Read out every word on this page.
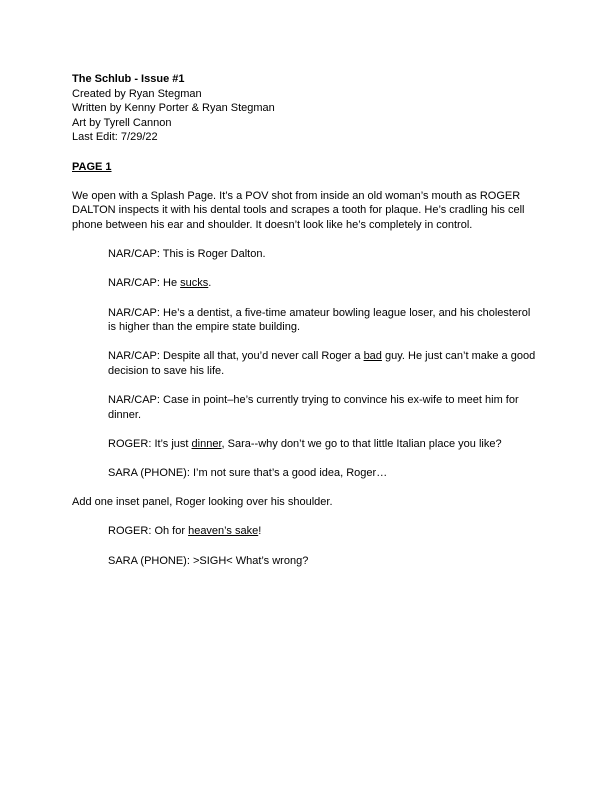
The Schlub - Issue #1

Created by Ryan Stegman

Written by Kenny Porter & Ryan Stegman

Art by Tyrell Cannon

Last Edit: 7/29/22

PAGE 1

We open with a Splash Page. It’s a POV shot from inside an old woman’s mouth as ROGER DALTON inspects it with his dental tools and scrapes a tooth for plaque. He’s cradling his cell phone between his ear and shoulder. It doesn’t look like he’s completely in control.

NAR/CAP: This is Roger Dalton.

NAR/CAP: He sucks.

NAR/CAP: He’s a dentist, a five-time amateur bowling league loser, and his cholesterol is higher than the empire state building.

NAR/CAP: Despite all that, you’d never call Roger a bad guy. He just can’t make a good decision to save his life.

NAR/CAP: Case in point–he’s currently trying to convince his ex-wife to meet him for dinner.

ROGER: It’s just dinner, Sara--why don’t we go to that little Italian place you like?

SARA (PHONE): I’m not sure that’s a good idea, Roger…

Add one inset panel, Roger looking over his shoulder.

ROGER: Oh for heaven’s sake!

SARA (PHONE): >SIGH< What’s wrong?
